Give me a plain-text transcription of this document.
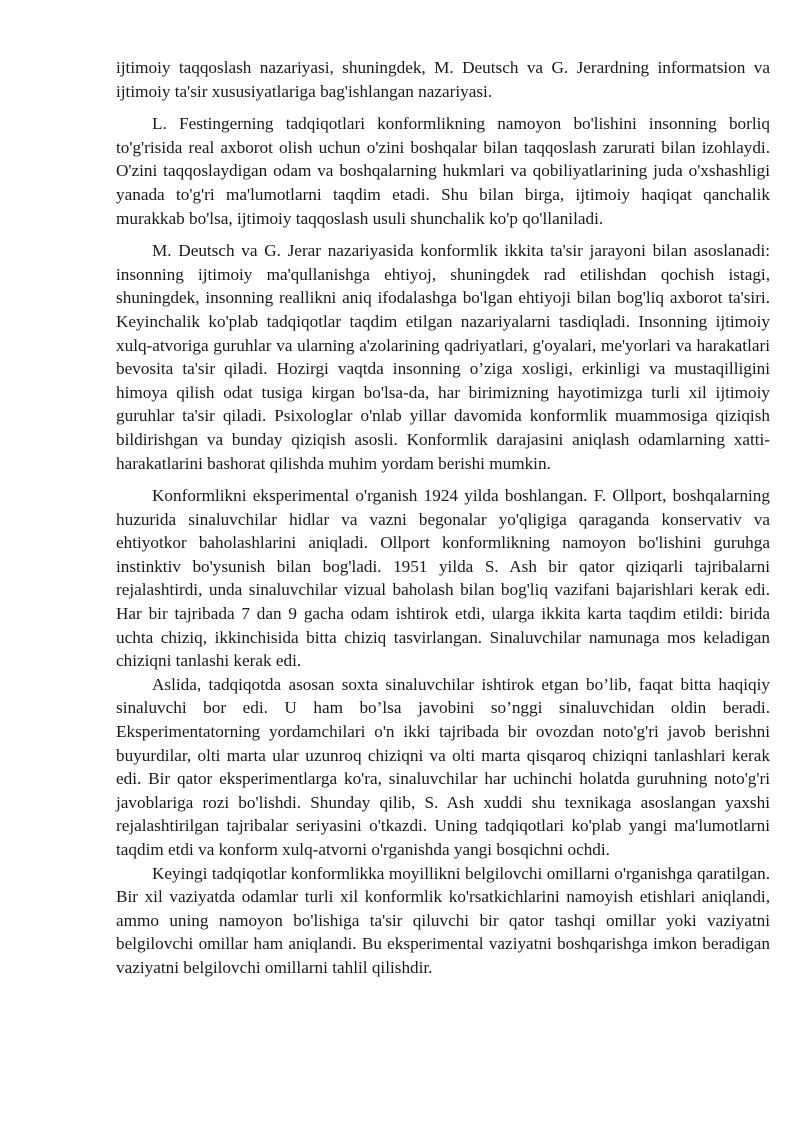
ijtimoiy taqqoslash nazariyasi, shuningdek, M. Deutsch va G. Jerardning informatsion va ijtimoiy ta'sir xususiyatlariga bag'ishlangan nazariyasi.

L. Festingerning tadqiqotlari konformlikning namoyon bo'lishini insonning borliq to'g'risida real axborot olish uchun o'zini boshqalar bilan taqqoslash zarurati bilan izohlaydi. O'zini taqqoslaydigan odam va boshqalarning hukmlari va qobiliyatlarining juda o'xshashligi yanada to'g'ri ma'lumotlarni taqdim etadi. Shu bilan birga, ijtimoiy haqiqat qanchalik murakkab bo'lsa, ijtimoiy taqqoslash usuli shunchalik ko'p qo'llaniladi.

M. Deutsch va G. Jerar nazariyasida konformlik ikkita ta'sir jarayoni bilan asoslanadi: insonning ijtimoiy ma'qullanishga ehtiyoj, shuningdek rad etilishdan qochish istagi, shuningdek, insonning reallikni aniq ifodalashga bo'lgan ehtiyoji bilan bog'liq axborot ta'siri. Keyinchalik ko'plab tadqiqotlar taqdim etilgan nazariyalarni tasdiqladi. Insonning ijtimoiy xulq-atvoriga guruhlar va ularning a'zolarining qadriyatlari, g'oyalari, me'yorlari va harakatlari bevosita ta'sir qiladi. Hozirgi vaqtda insonning o’ziga xosligi, erkinligi va mustaqilligini himoya qilish odat tusiga kirgan bo'lsa-da, har birimizning hayotimizga turli xil ijtimoiy guruhlar ta'sir qiladi. Psixologlar o'nlab yillar davomida konformlik muammosiga qiziqish bildirishgan va bunday qiziqish asosli. Konformlik darajasini aniqlash odamlarning xatti-harakatlarini bashorat qilishda muhim yordam berishi mumkin.

Konformlikni eksperimental o'rganish 1924 yilda boshlangan. F. Ollport, boshqalarning huzurida sinaluvchilar hidlar va vazni begonalar yo'qligiga qaraganda konservativ va ehtiyotkor baholashlarini aniqladi. Ollport konformlikning namoyon bo'lishini guruhga instinktiv bo'ysunish bilan bog'ladi. 1951 yilda S. Ash bir qator qiziqarli tajribalarni rejalashtirdi, unda sinaluvchilar vizual baholash bilan bog'liq vazifani bajarishlari kerak edi. Har bir tajribada 7 dan 9 gacha odam ishtirok etdi, ularga ikkita karta taqdim etildi: birida uchta chiziq, ikkinchisida bitta chiziq tasvirlangan. Sinaluvchilar namunaga mos keladigan chiziqni tanlashi kerak edi.

Aslida, tadqiqotda asosan soxta sinaluvchilar ishtirok etgan bo’lib, faqat bitta haqiqiy sinaluvchi bor edi. U ham bo’lsa javobini so’nggi sinaluvchidan oldin beradi. Eksperimentatorning yordamchilari o'n ikki tajribada bir ovozdan noto'g'ri javob berishni buyurdilar, olti marta ular uzunroq chiziqni va olti marta qisqaroq chiziqni tanlashlari kerak edi. Bir qator eksperimentlarga ko'ra, sinaluvchilar har uchinchi holatda guruhning noto'g'ri javoblariga rozi bo'lishdi. Shunday qilib, S. Ash xuddi shu texnikaga asoslangan yaxshi rejalashtirilgan tajribalar seriyasini o'tkazdi. Uning tadqiqotlari ko'plab yangi ma'lumotlarni taqdim etdi va konform xulq-atvorni o'rganishda yangi bosqichni ochdi.

Keyingi tadqiqotlar konformlikka moyillikni belgilovchi omillarni o'rganishga qaratilgan. Bir xil vaziyatda odamlar turli xil konformlik ko'rsatkichlarini namoyish etishlari aniqlandi, ammo uning namoyon bo'lishiga ta'sir qiluvchi bir qator tashqi omillar yoki vaziyatni belgilovchi omillar ham aniqlandi. Bu eksperimental vaziyatni boshqarishga imkon beradigan vaziyatni belgilovchi omillarni tahlil qilishdir.
